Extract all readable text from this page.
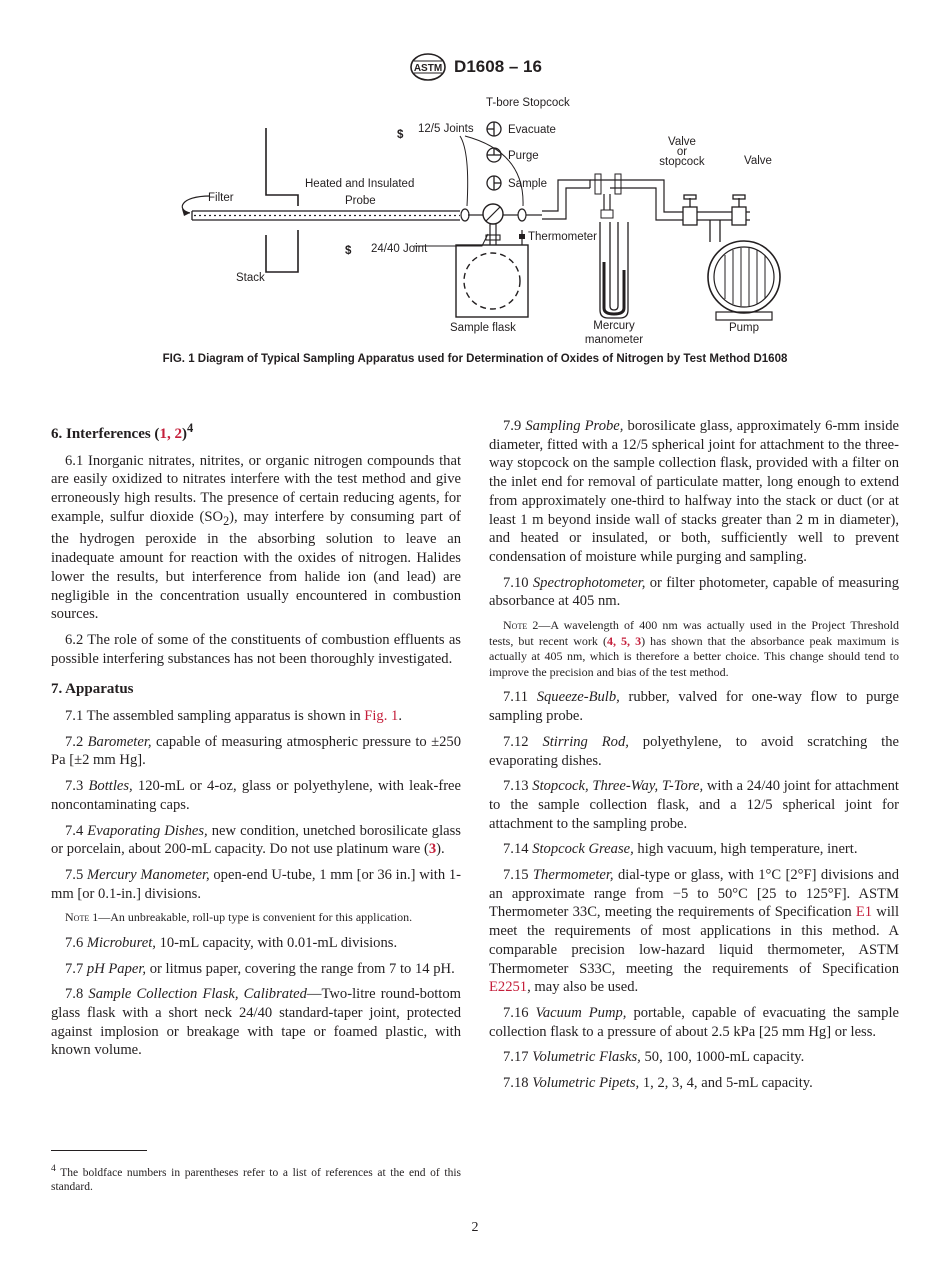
ASTM D1608 – 16
$
$
T-bore Stopcock
12/5 Joints	Evacuate
Purge
Sample
Valve
or
stopcock	Valve
Filter
Heated and Insulated
Probe
Thermometer
24/40 Joint
Stack
Sample flask	Mercury
manometer
Pump
FIG. 1 Diagram of Typical Sampling Apparatus used for Determination of Oxides of Nitrogen by Test Method D1608
6. Interferences (1, 2)$^4$

6.1 Inorganic nitrates, nitrites, or organic nitrogen compounds that are easily oxidized to nitrates interfere with the test method and give erroneously high results. The presence of certain reducing agents, for example, sulfur dioxide $(SO_2)$, may interfere by consuming part of the hydrogen peroxide in the absorbing solution to leave an inadequate amount for reaction with the oxides of nitrogen. Halides lower the results, but interference from halide ion (and lead) are negligible in the concentration usually encountered in combustion sources.

6.2 The role of some of the constituents of combustion effluents as possible interfering substances has not been thoroughly investigated.

7. Apparatus

7.1 The assembled sampling apparatus is shown in Fig. 1.

7.2 Barometer, capable of measuring atmospheric pressure to ±250 Pa [±2 mm Hg].

7.3 Bottles, 120-mL or 4-oz, glass or polyethylene, with leak-free noncontaminating caps.

7.4 Evaporating Dishes, new condition, unetched borosilicate glass or porcelain, about 200-mL capacity. Do not use platinum ware (3).

7.5 Mercury Manometer, open-end U-tube, 1 mm [or 36 in.] with 1-mm [or 0.1-in.] divisions.

Note 1—An unbreakable, roll-up type is convenient for this application.

7.6 Microburet, 10-mL capacity, with 0.01-mL divisions.

7.7 pH Paper, or litmus paper, covering the range from 7 to 14 pH.

7.8 Sample Collection Flask, Calibrated—Two-litre round-bottom glass flask with a short neck 24/40 standard-taper joint, protected against implosion or breakage with tape or foamed plastic, with known volume.

7.9 Sampling Probe, borosilicate glass, approximately 6-mm inside diameter, fitted with a 12/5 spherical joint for attachment to the three-way stopcock on the sample collection flask, provided with a filter on the inlet end for removal of particulate matter, long enough to extend from approximately one-third to halfway into the stack or duct (or at least 1 m beyond inside wall of stacks greater than 2 m in diameter), and heated or insulated, or both, sufficiently well to prevent condensation of moisture while purging and sampling.

7.10 Spectrophotometer, or filter photometer, capable of measuring absorbance at 405 nm.

Note 2—A wavelength of 400 nm was actually used in the Project Threshold tests, but recent work (4, 5, 3) has shown that the absorbance peak maximum is actually at 405 nm, which is therefore a better choice. This change should tend to improve the precision and bias of the test method.

7.11 Squeeze-Bulb, rubber, valved for one-way flow to purge sampling probe.

7.12 Stirring Rod, polyethylene, to avoid scratching the evaporating dishes.

7.13 Stopcock, Three-Way, T-Tore, with a 24/40 joint for attachment to the sample collection flask, and a 12/5 spherical joint for attachment to the sampling probe.

7.14 Stopcock Grease, high vacuum, high temperature, inert.

7.15 Thermometer, dial-type or glass, with 1°C [2°F] divisions and an approximate range from −5 to 50°C [25 to 125°F]. ASTM Thermometer 33C, meeting the requirements of Specification E1 will meet the requirements of most applications in this method. A comparable precision low-hazard liquid thermometer, ASTM Thermometer S33C, meeting the requirements of Specification E2251, may also be used.

7.16 Vacuum Pump, portable, capable of evacuating the sample collection flask to a pressure of about 2.5 kPa [25 mm Hg] or less.

7.17 Volumetric Flasks, 50, 100, 1000-mL capacity.

7.18 Volumetric Pipets, 1, 2, 3, 4, and 5-mL capacity.

$^4$ The boldface numbers in parentheses refer to a list of references at the end of this standard.
2
